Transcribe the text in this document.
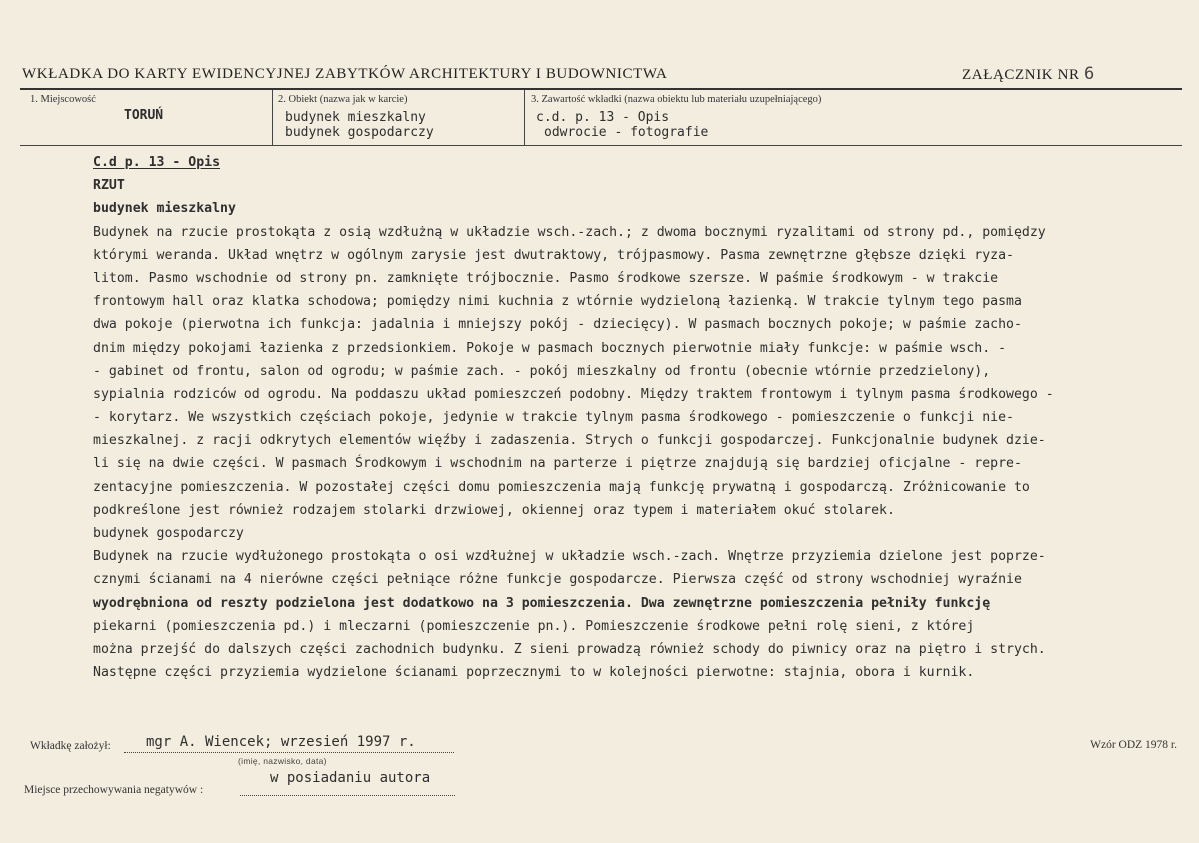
WKŁADKA DO KARTY EWIDENCYJNEJ ZABYTKÓW ARCHITEKTURY I BUDOWNICTWA	ZAŁĄCZNIK NR 6
1. Miejscowość
TORUŃ
2. Obiekt (nazwa jak w karcie)
budynek mieszkalny
budynek gospodarczy
3. Zawartość wkładki (nazwa obiektu lub materiału uzupełniającego)
c.d. p. 13 - Opis
odwrocie - fotografie
C.d p. 13 - Opis
RZUT
budynek mieszkalny
Budynek na rzucie prostokąta z osią wzdłużną w układzie wsch.-zach.; z dwoma bocznymi ryzalitami od strony pd., pomiędzy
którymi weranda. Układ wnętrz w ogólnym zarysie jest dwutraktowy, trójpasmowy. Pasma zewnętrzne głębsze dzięki ryza-
litom. Pasmo wschodnie od strony pn. zamknięte trójbocznie. Pasmo środkowe szersze. W paśmie środkowym - w trakcie
frontowym hall oraz klatka schodowa; pomiędzy nimi kuchnia z wtórnie wydzieloną łazienką. W trakcie tylnym tego pasma
dwa pokoje (pierwotna ich funkcja: jadalnia i mniejszy pokój - dziecięcy). W pasmach bocznych pokoje; w paśmie zacho-
dnim między pokojami łazienka z przedsionkiem. Pokoje w pasmach bocznych pierwotnie miały funkcje: w paśmie wsch. -
- gabinet od frontu, salon od ogrodu; w paśmie zach. - pokój mieszkalny od frontu (obecnie wtórnie przedzielony),
sypialnia rodziców od ogrodu. Na poddaszu układ pomieszczeń podobny. Między traktem frontowym i tylnym pasma środkowego -
- korytarz. We wszystkich częściach pokoje, jedynie w trakcie tylnym pasma środkowego - pomieszczenie o funkcji nie-
mieszkalnej. z racji odkrytych elementów więźby i zadaszenia. Strych o funkcji gospodarczej. Funkcjonalnie budynek dzie-
li się na dwie części. W pasmach Środkowym i wschodnim na parterze i piętrze znajdują się bardziej oficjalne - repre-
zentacyjne pomieszczenia. W pozostałej części domu pomieszczenia mają funkcję prywatną i gospodarczą. Zróżnicowanie to
podkreślone jest również rodzajem stolarki drzwiowej, okiennej oraz typem i materiałem okuć stolarek.
budynek gospodarczy
Budynek na rzucie wydłużonego prostokąta o osi wzdłużnej w układzie wsch.-zach. Wnętrze przyziemia dzielone jest poprze-
cznymi ścianami na 4 nierówne części pełniące różne funkcje gospodarcze. Pierwsza część od strony wschodniej wyraźnie
wyodrębniona od reszty podzielona jest dodatkowo na 3 pomieszczenia. Dwa zewnętrzne pomieszczenia pełniły funkcję
piekarni (pomieszczenia pd.) i mleczarni (pomieszczenie pn.). Pomieszczenie środkowe pełni rolę sieni, z której
można przejść do dalszych części zachodnich budynku. Z sieni prowadzą również schody do piwnicy oraz na piętro i strych.
Następne części przyziemia wydzielone ścianami poprzecznymi to w kolejności pierwotne: stajnia, obora i kurnik.
Wkładkę założył:	mgr A. Wiencek; wrzesień 1997 r.
(imię, nazwisko, data)
Miejsce przechowywania negatywów :
w posiadaniu autora
Wzór ODZ 1978 r.
